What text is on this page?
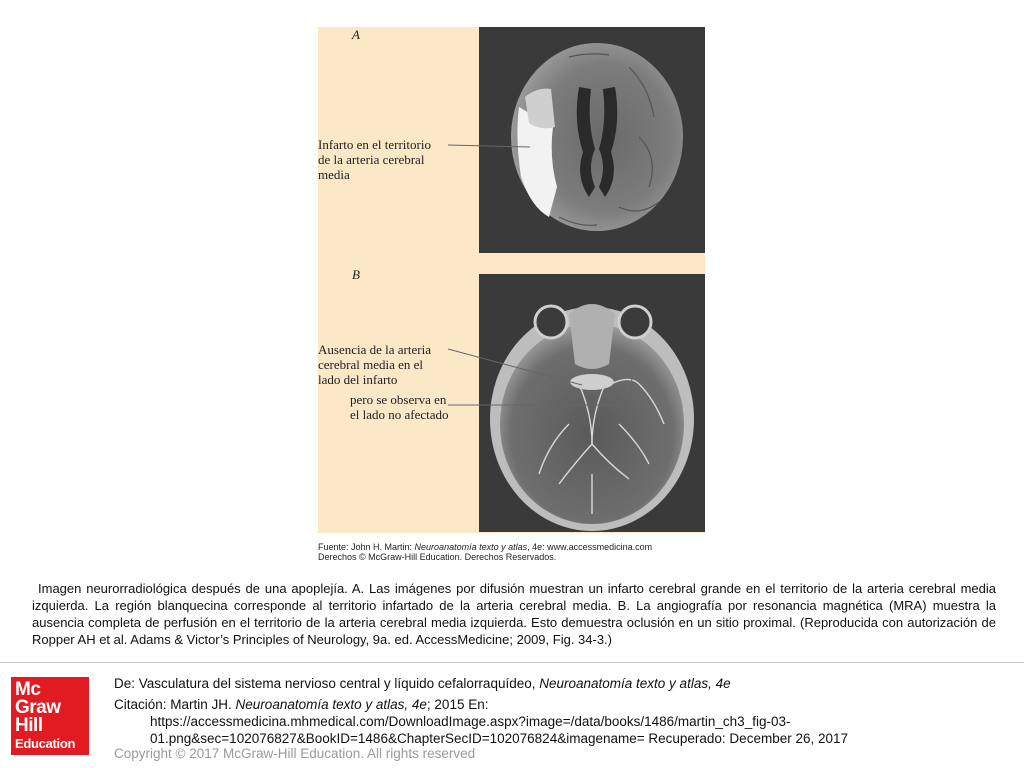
A
Infarto en el territorio
de la arteria cerebral
media
B
Ausencia de la arteria
cerebral media en el
lado del infarto
pero se observa en
el lado no afectado
Fuente: John H. Martin: Neuroanatomía texto y atlas, 4e: www.accessmedicina.com
Derechos © McGraw-Hill Education. Derechos Reservados.
Imagen neurorradiológica después de una apoplejía. A. Las imágenes por difusión muestran un infarto cerebral grande en el territorio de la arteria cerebral media izquierda. La región blanquecina corresponde al territorio infartado de la arteria cerebral media. B. La angiografía por resonancia magnética (MRA) muestra la ausencia completa de perfusión en el territorio de la arteria cerebral media izquierda. Esto demuestra oclusión en un sitio proximal. (Reproducida con autorización de Ropper AH et al. Adams & Victor’s Principles of Neurology, 9a. ed. AccessMedicine; 2009, Fig. 34-3.)
Mc
Graw
Hill
Education
De: Vasculatura del sistema nervioso central y líquido cefalorraquídeo, Neuroanatomía texto y atlas, 4e
Citación: Martin JH. Neuroanatomía texto y atlas, 4e; 2015 En:
https://accessmedicina.mhmedical.com/DownloadImage.aspx?image=/data/books/1486/martin_ch3_fig-03-
01.png&sec=102076827&BookID=1486&ChapterSecID=102076824&imagename= Recuperado: December 26, 2017
Copyright © 2017 McGraw-Hill Education. All rights reserved
